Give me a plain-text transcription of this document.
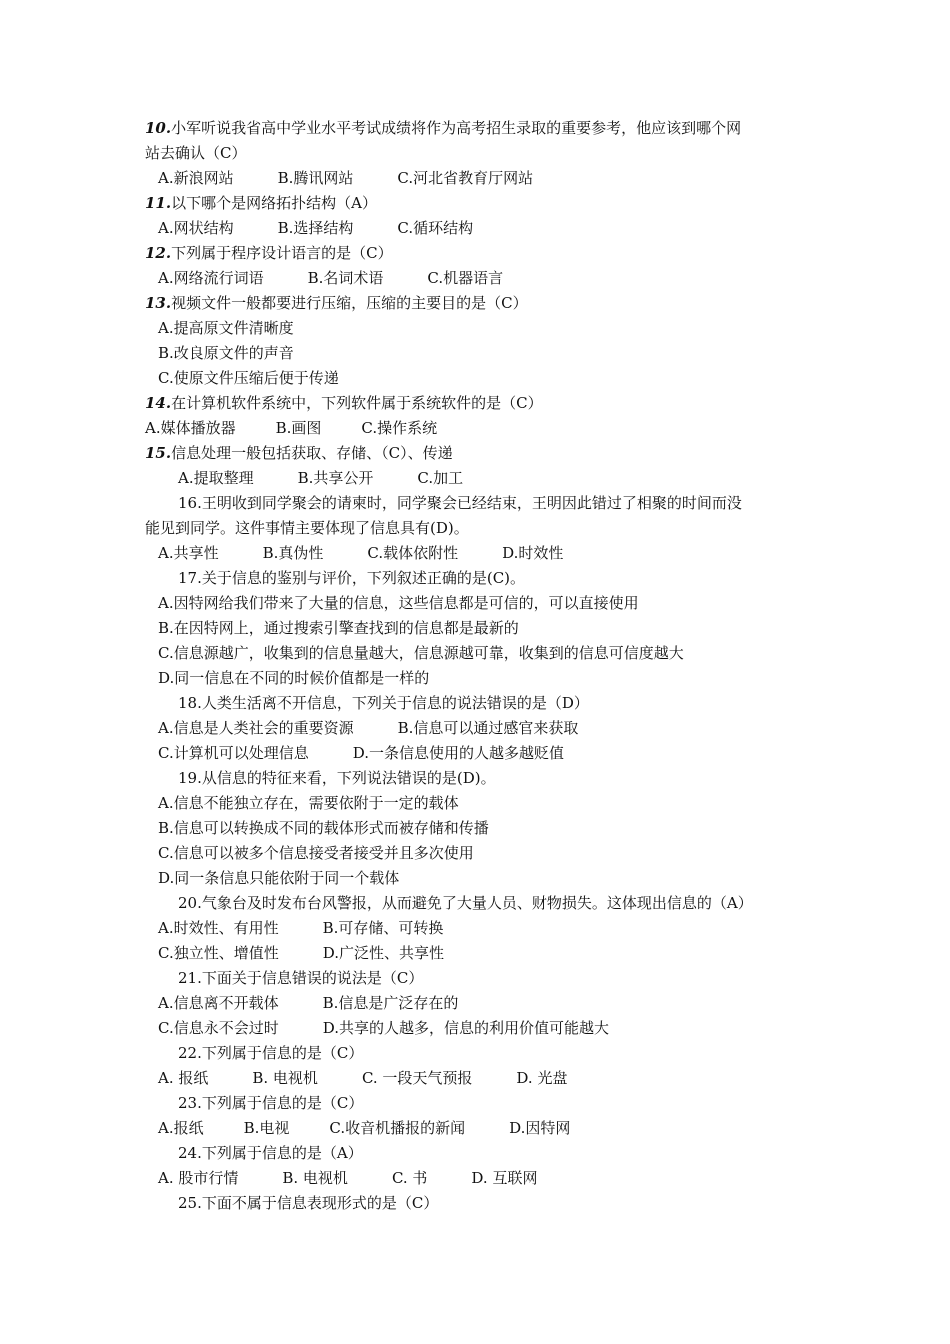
10.小军听说我省高中学业水平考试成绩将作为高考招生录取的重要参考，他应该到哪个网
站去确认（C）
A.新浪网站	B.腾讯网站	C.河北省教育厅网站
11.以下哪个是网络拓扑结构（A）
A.网状结构	B.选择结构	C.循环结构
12.下列属于程序设计语言的是（C）
A.网络流行词语	B.名词术语	C.机器语言
13.视频文件一般都要进行压缩，压缩的主要目的是（C）
A.提高原文件清晰度
B.改良原文件的声音
C.使原文件压缩后便于传递
14.在计算机软件系统中，下列软件属于系统软件的是（C）
A.媒体播放器	B.画图	C.操作系统
15.信息处理一般包括获取、存储、（C）、传递
A.提取整理	B.共享公开	C.加工
16.王明收到同学聚会的请柬时，同学聚会已经结束，王明因此错过了相聚的时间而没
能见到同学。这件事情主要体现了信息具有(D)。
A.共享性	B.真伪性	C.载体依附性	D.时效性
17.关于信息的鉴别与评价，下列叙述正确的是(C)。
A.因特网给我们带来了大量的信息，这些信息都是可信的，可以直接使用
B.在因特网上，通过搜索引擎查找到的信息都是最新的
C.信息源越广，收集到的信息量越大，信息源越可靠，收集到的信息可信度越大
D.同一信息在不同的时候价值都是一样的
18.人类生活离不开信息，下列关于信息的说法错误的是（D）
A.信息是人类社会的重要资源	B.信息可以通过感官来获取
C.计算机可以处理信息	D.一条信息使用的人越多越贬值
19.从信息的特征来看，下列说法错误的是(D)。
A.信息不能独立存在，需要依附于一定的载体
B.信息可以转换成不同的载体形式而被存储和传播
C.信息可以被多个信息接受者接受并且多次使用
D.同一条信息只能依附于同一个载体
20.气象台及时发布台风警报，从而避免了大量人员、财物损失。这体现出信息的（A）
A.时效性、有用性	B.可存储、可转换
C.独立性、增值性	D.广泛性、共享性
21.下面关于信息错误的说法是（C）
A.信息离不开载体	B.信息是广泛存在的
C.信息永不会过时	D.共享的人越多，信息的利用价值可能越大
22.下列属于信息的是（C）
A. 报纸	B. 电视机	C. 一段天气预报	D. 光盘
23.下列属于信息的是（C）
A.报纸	B.电视	C.收音机播报的新闻	D.因特网
24.下列属于信息的是（A）
A. 股市行情	B. 电视机	C. 书	D. 互联网
25.下面不属于信息表现形式的是（C）
